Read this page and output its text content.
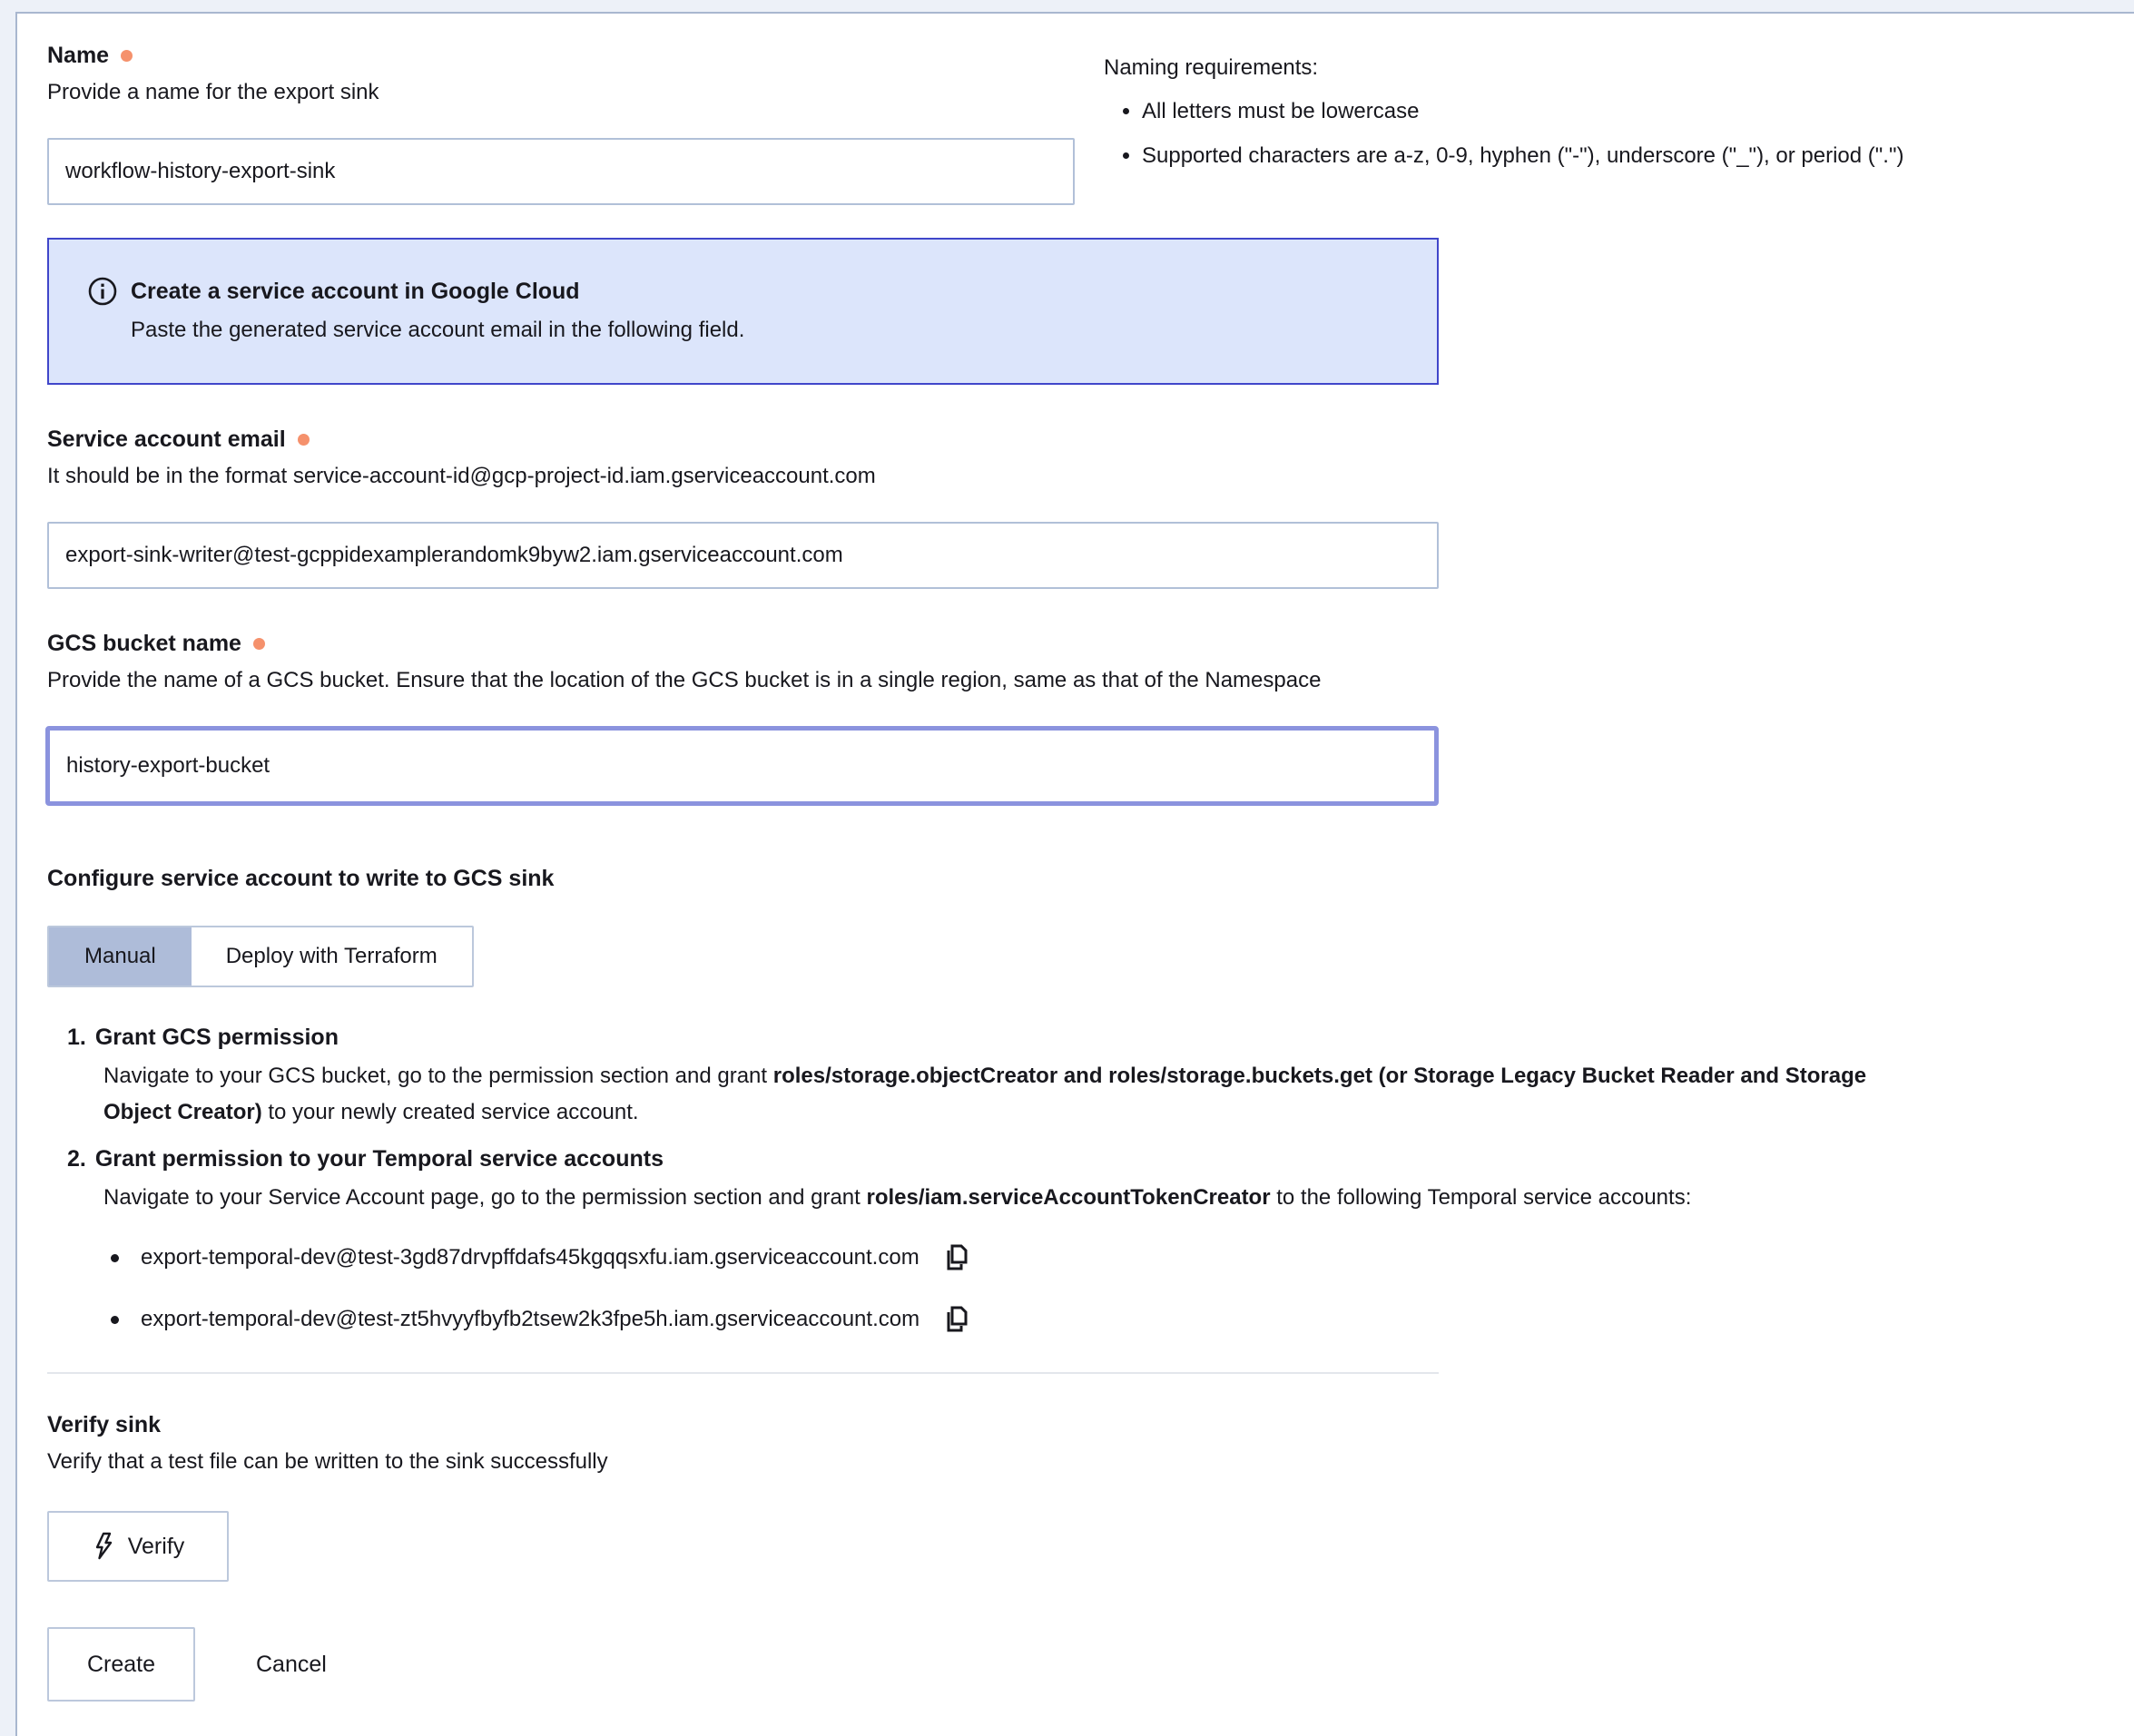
Name
Provide a name for the export sink
workflow-history-export-sink
Naming requirements:
• All letters must be lowercase
• Supported characters are a-z, 0-9, hyphen ("-"), underscore ("_"), or period (".")
Create a service account in Google Cloud
Paste the generated service account email in the following field.
Service account email
It should be in the format service-account-id@gcp-project-id.iam.gserviceaccount.com
export-sink-writer@test-gcppidexamplerandomk9byw2.iam.gserviceaccount.com
GCS bucket name
Provide the name of a GCS bucket. Ensure that the location of the GCS bucket is in a single region, same as that of the Namespace
history-export-bucket
Configure service account to write to GCS sink
Manual	Deploy with Terraform
1. Grant GCS permission
Navigate to your GCS bucket, go to the permission section and grant roles/storage.objectCreator and roles/storage.buckets.get (or Storage Legacy Bucket Reader and Storage Object Creator) to your newly created service account.
2. Grant permission to your Temporal service accounts
Navigate to your Service Account page, go to the permission section and grant roles/iam.serviceAccountTokenCreator to the following Temporal service accounts:
export-temporal-dev@test-3gd87drvpffdafs45kgqqsxfu.iam.gserviceaccount.com
export-temporal-dev@test-zt5hvyyfbyfb2tsew2k3fpe5h.iam.gserviceaccount.com
Verify sink
Verify that a test file can be written to the sink successfully
Verify
Create	Cancel
